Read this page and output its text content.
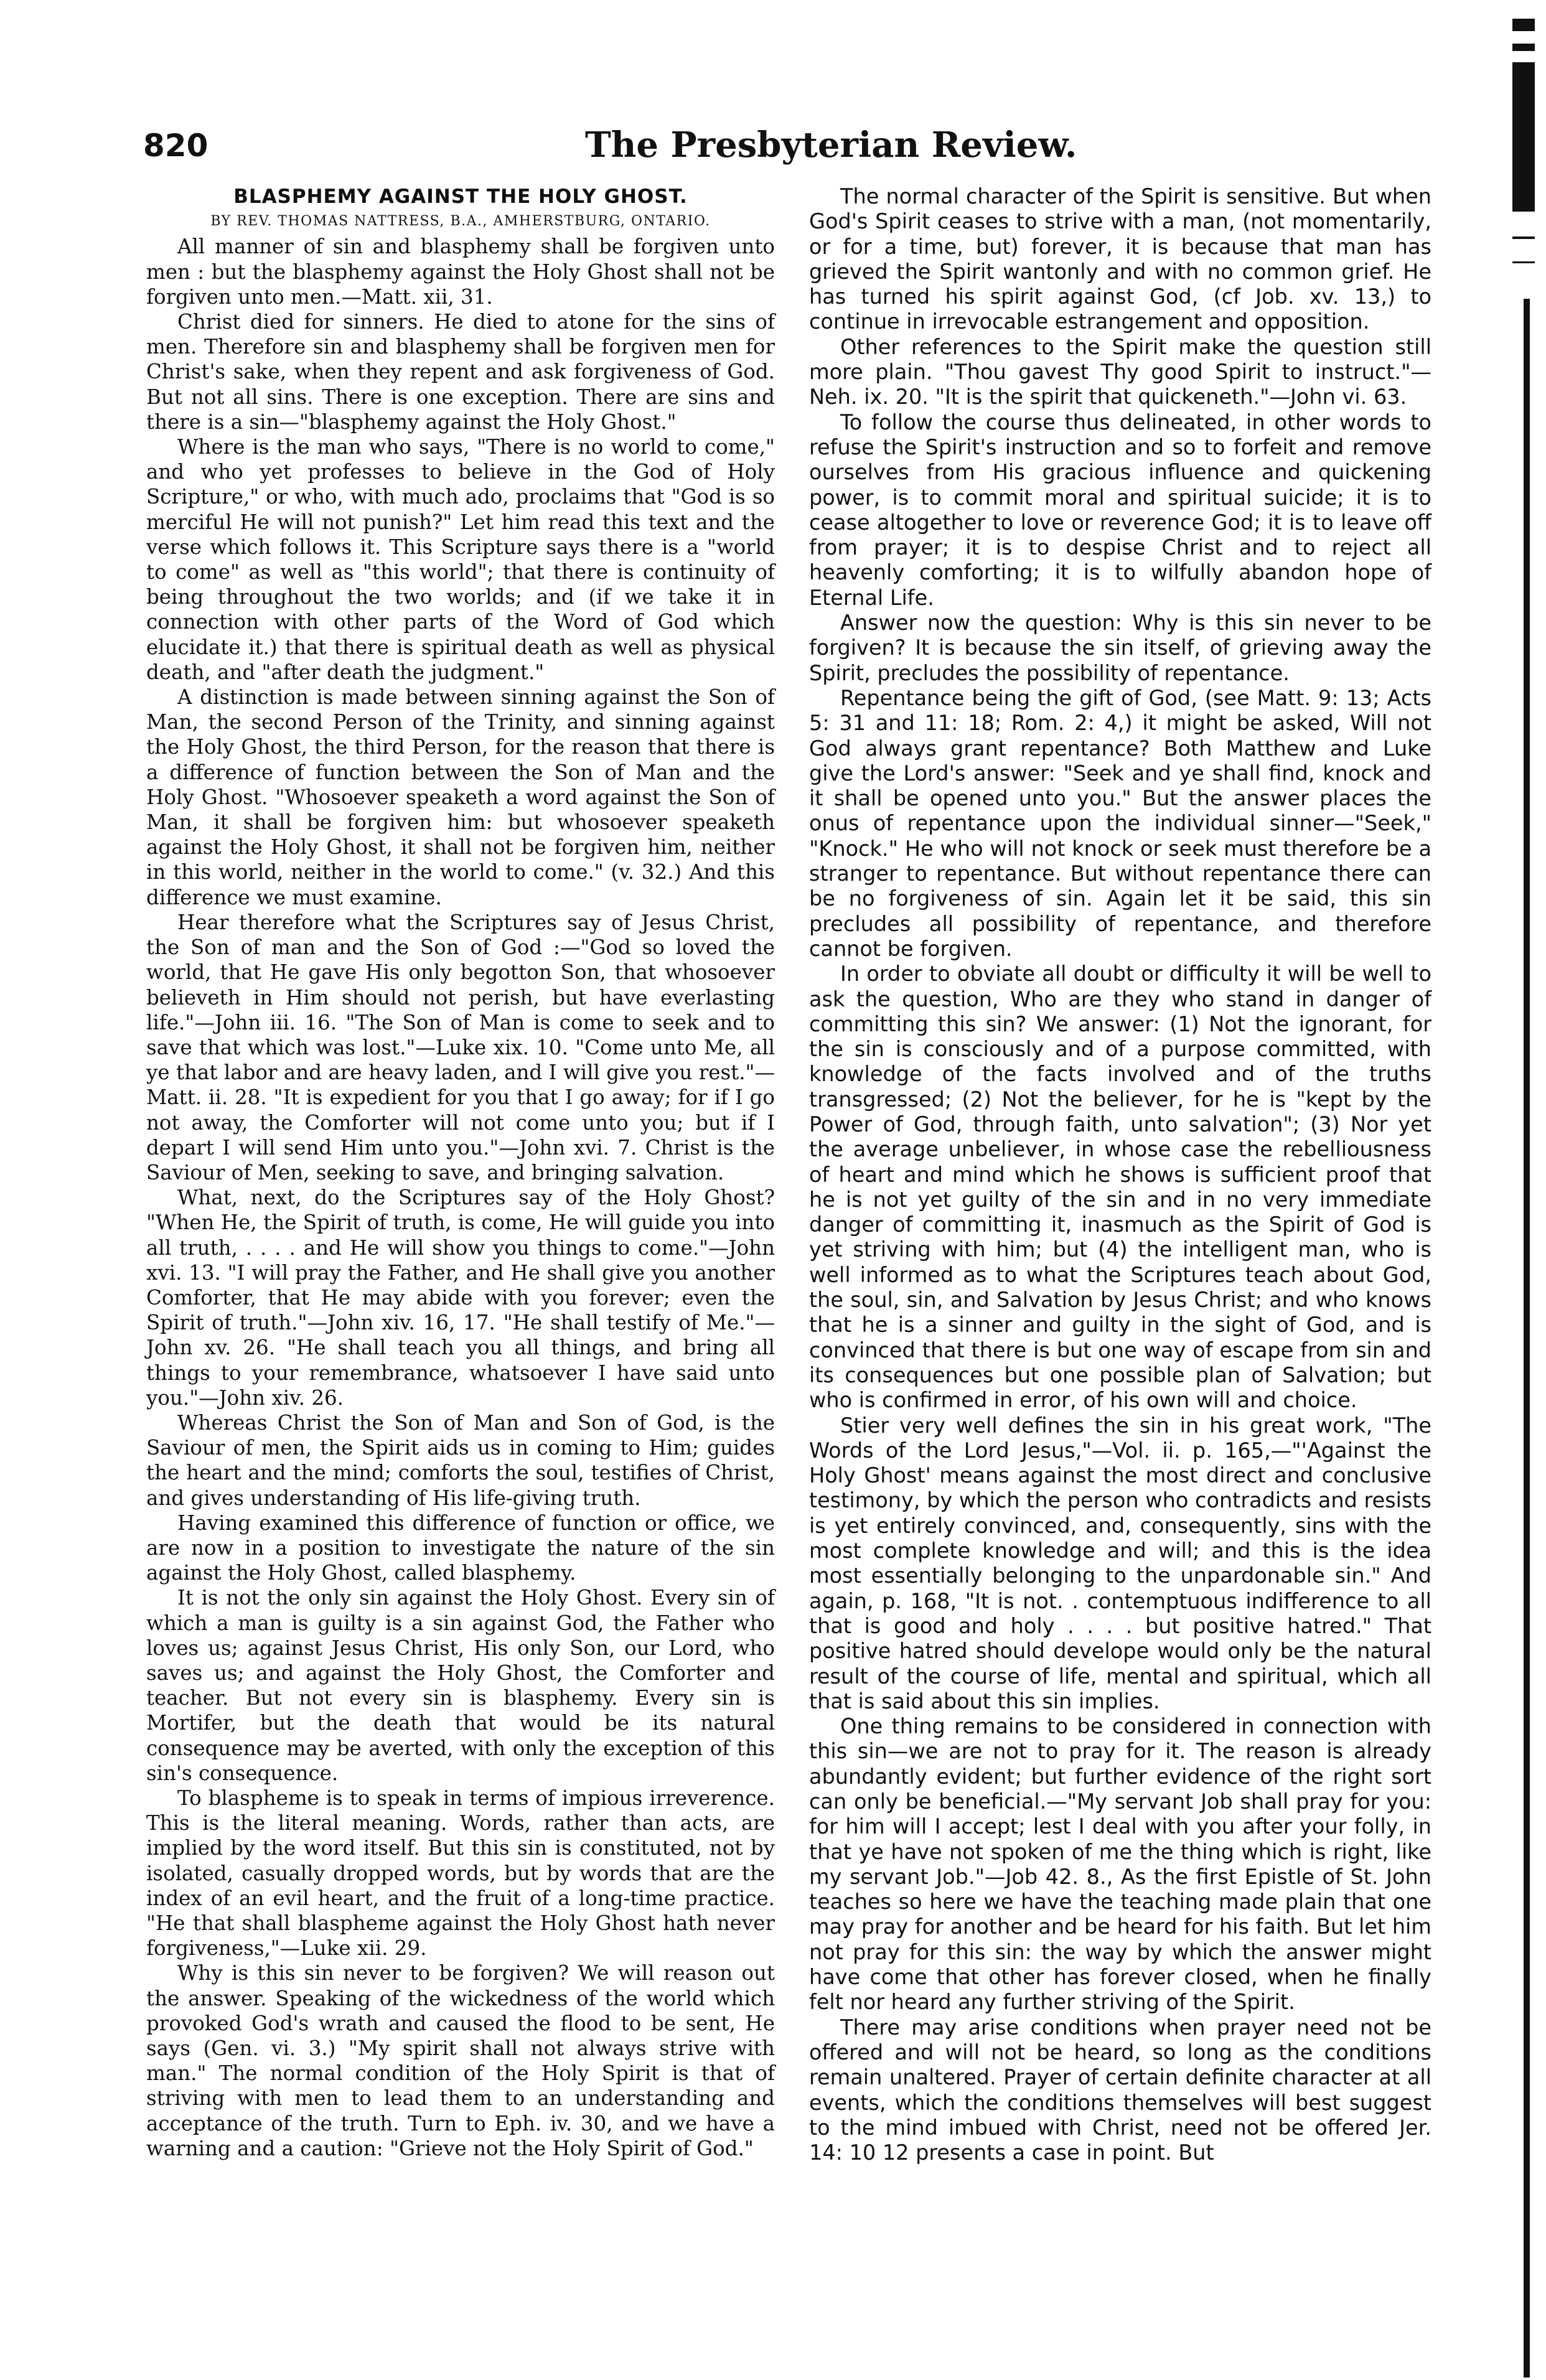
820	The Presbyterian Review.

BLASPHEMY AGAINST THE HOLY GHOST.

BY REV. THOMAS NATTRESS, B.A., AMHERSTBURG, ONTARIO.

All manner of sin and blasphemy shall be forgiven unto men : but the blasphemy against the Holy Ghost shall not be forgiven unto men.—Matt. xii, 31.

Christ died for sinners. He died to atone for the sins of men. Therefore sin and blasphemy shall be forgiven men for Christ's sake, when they repent and ask forgiveness of God. But not all sins. There is one exception. There are sins and there is a sin—"blasphemy against the Holy Ghost."

Where is the man who says, "There is no world to come," and who yet professes to believe in the God of Holy Scripture," or who, with much ado, proclaims that "God is so merciful He will not punish?" Let him read this text and the verse which follows it. This Scripture says there is a "world to come" as well as "this world"; that there is continuity of being throughout the two worlds; and (if we take it in connection with other parts of the Word of God which elucidate it.) that there is spiritual death as well as physical death, and "after death the judgment."

A distinction is made between sinning against the Son of Man, the second Person of the Trinity, and sinning against the Holy Ghost, the third Person, for the reason that there is a difference of function between the Son of Man and the Holy Ghost. "Whosoever speaketh a word against the Son of Man, it shall be forgiven him: but whosoever speaketh against the Holy Ghost, it shall not be forgiven him, neither in this world, neither in the world to come." (v. 32.) And this difference we must examine.

Hear therefore what the Scriptures say of Jesus Christ, the Son of man and the Son of God :—"God so loved the world, that He gave His only begotton Son, that whosoever believeth in Him should not perish, but have everlasting life."—John iii. 16. "The Son of Man is come to seek and to save that which was lost."—Luke xix. 10. "Come unto Me, all ye that labor and are heavy laden, and I will give you rest."—Matt. ii. 28. "It is expedient for you that I go away; for if I go not away, the Comforter will not come unto you; but if I depart I will send Him unto you."—John xvi. 7. Christ is the Saviour of Men, seeking to save, and bringing salvation.

What, next, do the Scriptures say of the Holy Ghost? "When He, the Spirit of truth, is come, He will guide you into all truth, . . . . and He will show you things to come."—John xvi. 13. "I will pray the Father, and He shall give you another Comforter, that He may abide with you forever; even the Spirit of truth."—John xiv. 16, 17. "He shall testify of Me."—John xv. 26. "He shall teach you all things, and bring all things to your remembrance, whatsoever I have said unto you."—John xiv. 26.

Whereas Christ the Son of Man and Son of God, is the Saviour of men, the Spirit aids us in coming to Him; guides the heart and the mind; comforts the soul, testifies of Christ, and gives understanding of His life-giving truth.

Having examined this difference of function or office, we are now in a position to investigate the nature of the sin against the Holy Ghost, called blasphemy.

It is not the only sin against the Holy Ghost. Every sin of which a man is guilty is a sin against God, the Father who loves us; against Jesus Christ, His only Son, our Lord, who saves us; and against the Holy Ghost, the Comforter and teacher. But not every sin is blasphemy. Every sin is Mortifer, but the death that would be its natural consequence may be averted, with only the exception of this sin's consequence.

To blaspheme is to speak in terms of impious irreverence. This is the literal meaning. Words, rather than acts, are implied by the word itself. But this sin is constituted, not by isolated, casually dropped words, but by words that are the index of an evil heart, and the fruit of a long-time practice. "He that shall blaspheme against the Holy Ghost hath never forgiveness,"—Luke xii. 29.

Why is this sin never to be forgiven? We will reason out the answer. Speaking of the wickedness of the world which provoked God's wrath and caused the flood to be sent, He says (Gen. vi. 3.) "My spirit shall not always strive with man." The normal condition of the Holy Spirit is that of striving with men to lead them to an understanding and acceptance of the truth. Turn to Eph. iv. 30, and we have a warning and a caution: "Grieve not the Holy Spirit of God."

The normal character of the Spirit is sensitive. But when God's Spirit ceases to strive with a man, (not momentarily, or for a time, but) forever, it is because that man has grieved the Spirit wantonly and with no common grief. He has turned his spirit against God, (cf Job. xv. 13,) to continue in irrevocable estrangement and opposition.

Other references to the Spirit make the question still more plain. "Thou gavest Thy good Spirit to instruct."—Neh. ix. 20. "It is the spirit that quickeneth."—John vi. 63.

To follow the course thus delineated, in other words to refuse the Spirit's instruction and so to forfeit and remove ourselves from His gracious influence and quickening power, is to commit moral and spiritual suicide; it is to cease altogether to love or reverence God; it is to leave off from prayer; it is to despise Christ and to reject all heavenly comforting; it is to wilfully abandon hope of Eternal Life.

Answer now the question: Why is this sin never to be forgiven? It is because the sin itself, of grieving away the Spirit, precludes the possibility of repentance.

Repentance being the gift of God, (see Matt. 9: 13; Acts 5: 31 and 11: 18; Rom. 2: 4,) it might be asked, Will not God always grant repentance? Both Matthew and Luke give the Lord's answer: "Seek and ye shall find, knock and it shall be opened unto you." But the answer places the onus of repentance upon the individual sinner—"Seek," "Knock." He who will not knock or seek must therefore be a stranger to repentance. But without repentance there can be no forgiveness of sin. Again let it be said, this sin precludes all possibility of repentance, and therefore cannot be forgiven.

In order to obviate all doubt or difficulty it will be well to ask the question, Who are they who stand in danger of committing this sin? We answer: (1) Not the ignorant, for the sin is consciously and of a purpose committed, with knowledge of the facts involved and of the truths transgressed; (2) Not the believer, for he is "kept by the Power of God, through faith, unto salvation"; (3) Nor yet the average unbeliever, in whose case the rebelliousness of heart and mind which he shows is sufficient proof that he is not yet guilty of the sin and in no very immediate danger of committing it, inasmuch as the Spirit of God is yet striving with him; but (4) the intelligent man, who is well informed as to what the Scriptures teach about God, the soul, sin, and Salvation by Jesus Christ; and who knows that he is a sinner and guilty in the sight of God, and is convinced that there is but one way of escape from sin and its consequences but one possible plan of Salvation; but who is confirmed in error, of his own will and choice.

Stier very well defines the sin in his great work, "The Words of the Lord Jesus,"—Vol. ii. p. 165,—"'Against the Holy Ghost' means against the most direct and conclusive testimony, by which the person who contradicts and resists is yet entirely convinced, and, consequently, sins with the most complete knowledge and will; and this is the idea most essentially belonging to the unpardonable sin." And again, p. 168, "It is not. . contemptuous indifference to all that is good and holy . . . . but positive hatred." That positive hatred should develope would only be the natural result of the course of life, mental and spiritual, which all that is said about this sin implies.

One thing remains to be considered in connection with this sin—we are not to pray for it. The reason is already abundantly evident; but further evidence of the right sort can only be beneficial.—"My servant Job shall pray for you: for him will I accept; lest I deal with you after your folly, in that ye have not spoken of me the thing which is right, like my servant Job."—Job 42. 8., As the first Epistle of St. John teaches so here we have the teaching made plain that one may pray for another and be heard for his faith. But let him not pray for this sin: the way by which the answer might have come that other has forever closed, when he finally felt nor heard any further striving of the Spirit.

There may arise conditions when prayer need not be offered and will not be heard, so long as the conditions remain unaltered. Prayer of certain definite character at all events, which the conditions themselves will best suggest to the mind imbued with Christ, need not be offered Jer. 14: 10 12 presents a case in point. But
